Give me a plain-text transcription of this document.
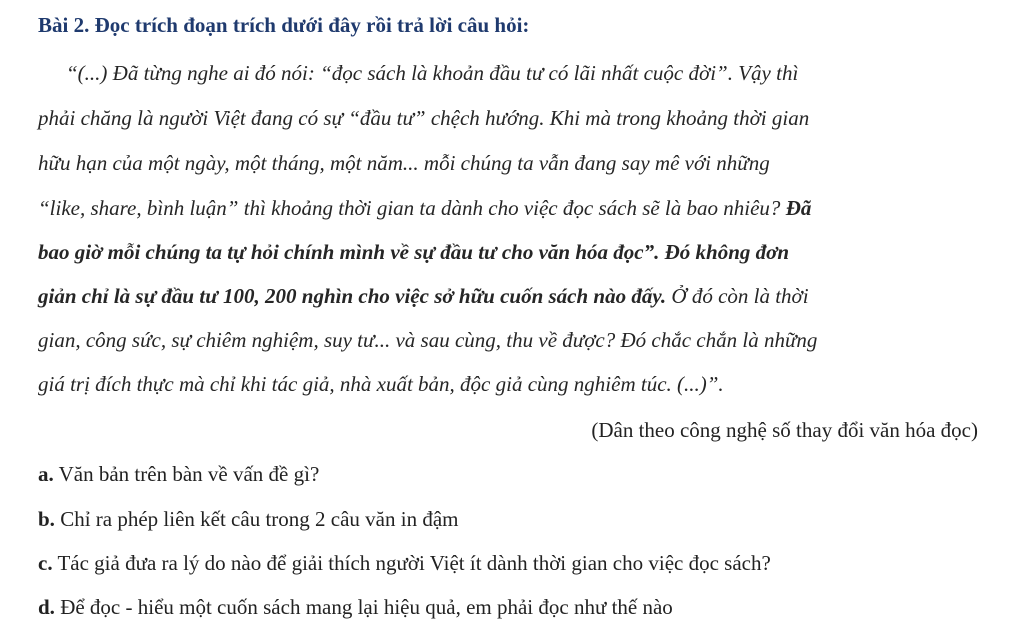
Bài 2. Đọc trích đoạn trích dưới đây rồi trả lời câu hỏi:
“(...) Đã từng nghe ai đó nói: “đọc sách là khoản đầu tư có lãi nhất cuộc đời”. Vậy thì
phải chăng là người Việt đang có sự “đầu tư” chệch hướng. Khi mà trong khoảng thời gian
hữu hạn của một ngày, một tháng, một năm... mỗi chúng ta vẫn đang say mê với những
“like, share, bình luận” thì khoảng thời gian ta dành cho việc đọc sách sẽ là bao nhiêu? Đã
bao giờ mỗi chúng ta tự hỏi chính mình về sự đầu tư cho văn hóa đọc”. Đó không đơn
giản chỉ là sự đầu tư 100, 200 nghìn cho việc sở hữu cuốn sách nào đấy. Ở đó còn là thời
gian, công sức, sự chiêm nghiệm, suy tư... và sau cùng, thu về được? Đó chắc chắn là những
giá trị đích thực mà chỉ khi tác giả, nhà xuất bản, độc giả cùng nghiêm túc. (...)”.
(Dân theo công nghệ số thay đổi văn hóa đọc)
a. Văn bản trên bàn về vấn đề gì?
b. Chỉ ra phép liên kết câu trong 2 câu văn in đậm
c. Tác giả đưa ra lý do nào để giải thích người Việt ít dành thời gian cho việc đọc sách?
d. Để đọc - hiểu một cuốn sách mang lại hiệu quả, em phải đọc như thế nào
